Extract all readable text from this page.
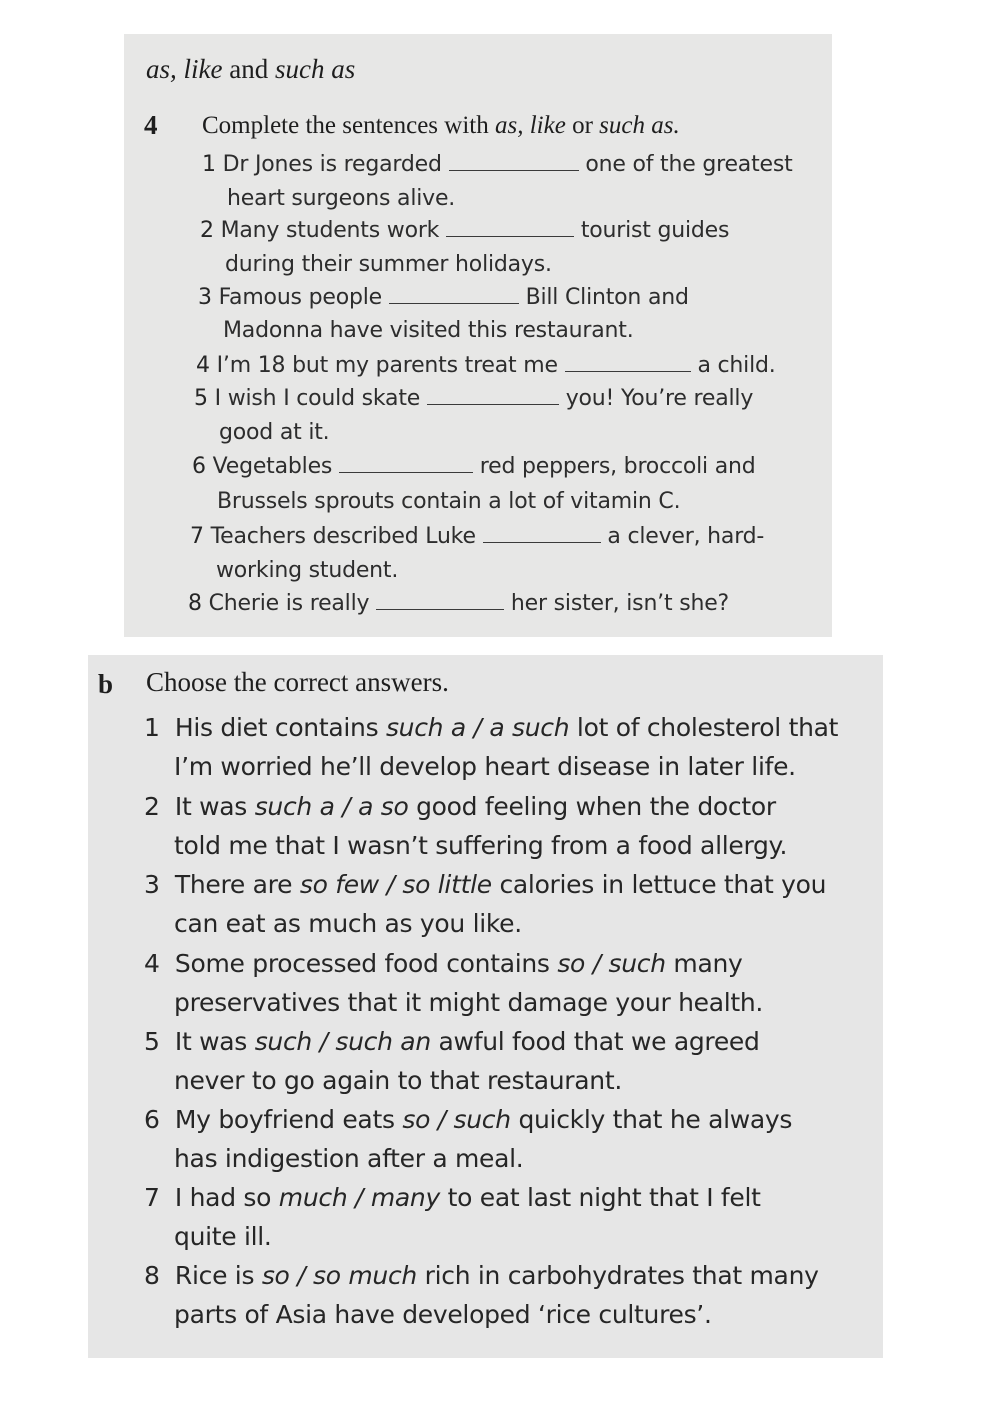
as, like and such as
4 Complete the sentences with as, like or such as.
1 Dr Jones is regarded	one of the greatest
heart surgeons alive.
2 Many students work	tourist guides
during their summer holidays.
3 Famous people	Bill Clinton and
Madonna have visited this restaurant.
4 I’m 18 but my parents treat me	a child.
5 I wish I could skate	you! You’re really
good at it.
6 Vegetables	red peppers, broccoli and
Brussels sprouts contain a lot of vitamin C.
7 Teachers described Luke	a clever, hard-
working student.
8 Cherie is really	her sister, isn’t she?
b Choose the correct answers.
1 His diet contains such a / a such lot of cholesterol that
I’m worried he’ll develop heart disease in later life.
2 It was such a / a so good feeling when the doctor
told me that I wasn’t suffering from a food allergy.
3 There are so few / so little calories in lettuce that you
can eat as much as you like.
4 Some processed food contains so / such many
preservatives that it might damage your health.
5 It was such / such an awful food that we agreed
never to go again to that restaurant.
6 My boyfriend eats so / such quickly that he always
has indigestion after a meal.
7 I had so much / many to eat last night that I felt
quite ill.
8 Rice is so / so much rich in carbohydrates that many
parts of Asia have developed ‘rice cultures’.
